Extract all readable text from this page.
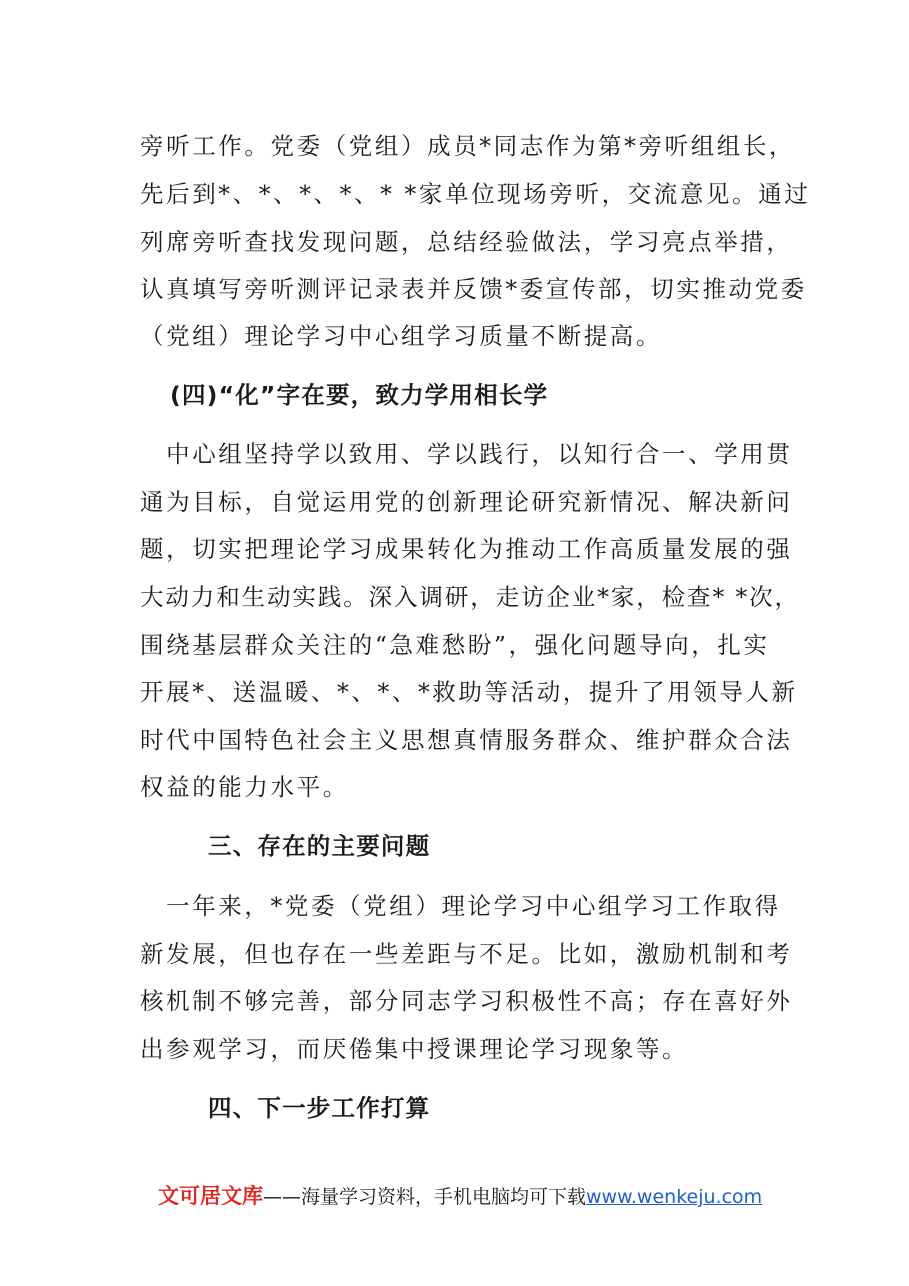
旁听工作。党委（党组）成员*同志作为第*旁听组组长，
先后到*、*、*、*、* *家单位现场旁听，交流意见。通过
列席旁听查找发现问题，总结经验做法，学习亮点举措，
认真填写旁听测评记录表并反馈*委宣传部，切实推动党委
（党组）理论学习中心组学习质量不断提高。
(四)“化”字在要，致力学用相长学
　中心组坚持学以致用、学以践行，以知行合一、学用贯
通为目标，自觉运用党的创新理论研究新情况、解决新问
题，切实把理论学习成果转化为推动工作高质量发展的强
大动力和生动实践。深入调研，走访企业*家，检查* *次，
围绕基层群众关注的“急难愁盼”，强化问题导向，扎实
开展*、送温暖、*、*、*救助等活动，提升了用领导人新
时代中国特色社会主义思想真情服务群众、维护群众合法
权益的能力水平。
三、存在的主要问题
　一年来，*党委（党组）理论学习中心组学习工作取得
新发展，但也存在一些差距与不足。比如，激励机制和考
核机制不够完善，部分同志学习积极性不高；存在喜好外
出参观学习，而厌倦集中授课理论学习现象等。
四、下一步工作打算
文可居文库——海量学习资料，手机电脑均可下载www.wenkeju.com
